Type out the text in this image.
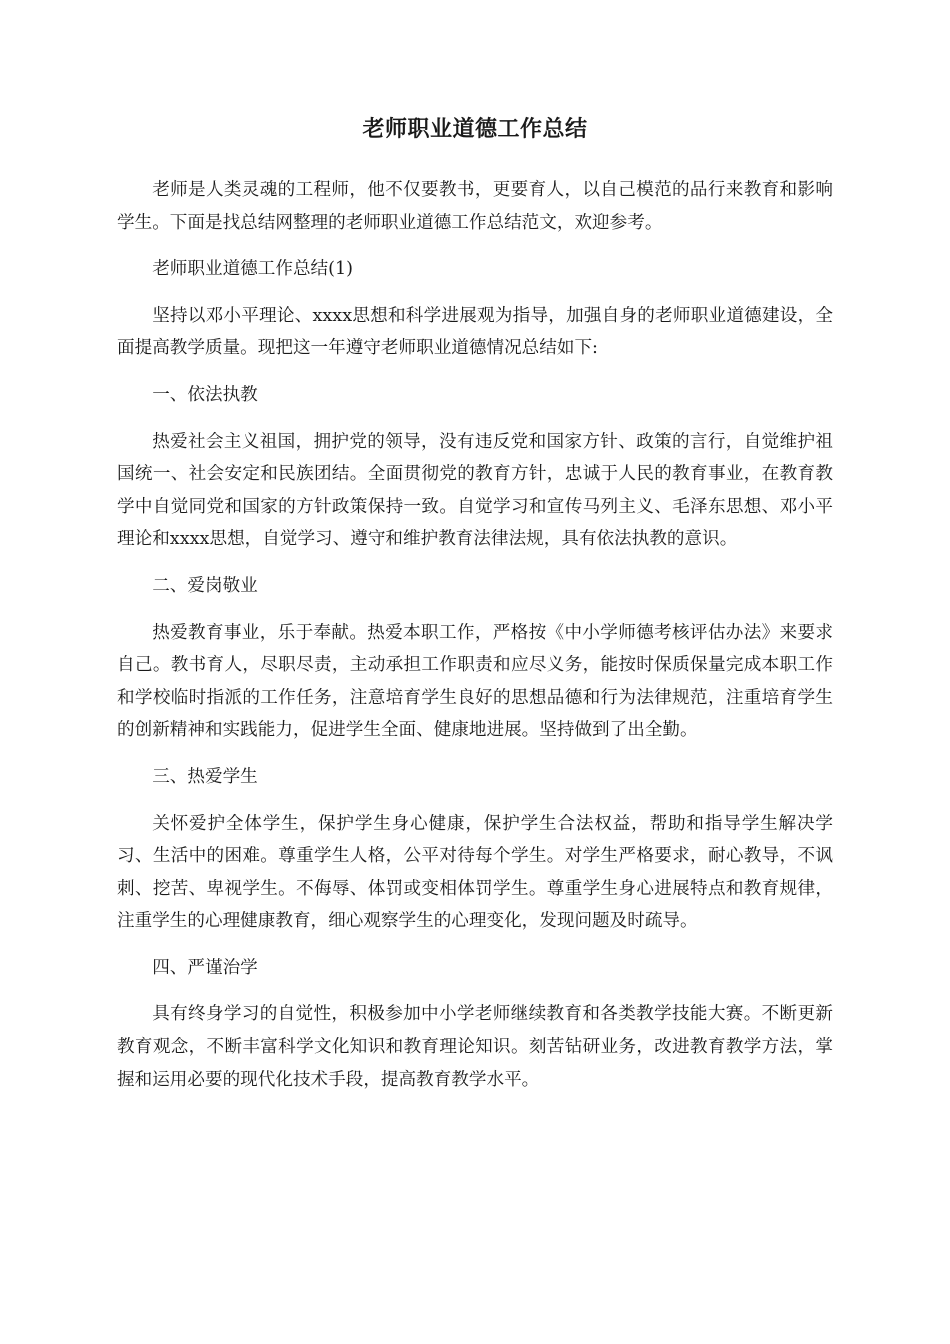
老师职业道德工作总结

老师是人类灵魂的工程师，他不仅要教书，更要育人，以自己模范的品行来教育和影响学生。下面是找总结网整理的老师职业道德工作总结范文，欢迎参考。

老师职业道德工作总结(1)

坚持以邓小平理论、xxxx思想和科学进展观为指导，加强自身的老师职业道德建设，全面提高教学质量。现把这一年遵守老师职业道德情况总结如下:

一、依法执教

热爱社会主义祖国，拥护党的领导，没有违反党和国家方针、政策的言行，自觉维护祖国统一、社会安定和民族团结。全面贯彻党的教育方针，忠诚于人民的教育事业，在教育教学中自觉同党和国家的方针政策保持一致。自觉学习和宣传马列主义、毛泽东思想、邓小平理论和xxxx思想，自觉学习、遵守和维护教育法律法规，具有依法执教的意识。

二、爱岗敬业

热爱教育事业，乐于奉献。热爱本职工作，严格按《中小学师德考核评估办法》来要求自己。教书育人，尽职尽责，主动承担工作职责和应尽义务，能按时保质保量完成本职工作和学校临时指派的工作任务，注意培育学生良好的思想品德和行为法律规范，注重培育学生的创新精神和实践能力，促进学生全面、健康地进展。坚持做到了出全勤。

三、热爱学生

关怀爱护全体学生，保护学生身心健康，保护学生合法权益，帮助和指导学生解决学习、生活中的困难。尊重学生人格，公平对待每个学生。对学生严格要求，耐心教导，不讽刺、挖苦、卑视学生。不侮辱、体罚或变相体罚学生。尊重学生身心进展特点和教育规律，注重学生的心理健康教育，细心观察学生的心理变化，发现问题及时疏导。

四、严谨治学

具有终身学习的自觉性，积极参加中小学老师继续教育和各类教学技能大赛。不断更新教育观念，不断丰富科学文化知识和教育理论知识。刻苦钻研业务，改进教育教学方法，掌握和运用必要的现代化技术手段，提高教育教学水平。
